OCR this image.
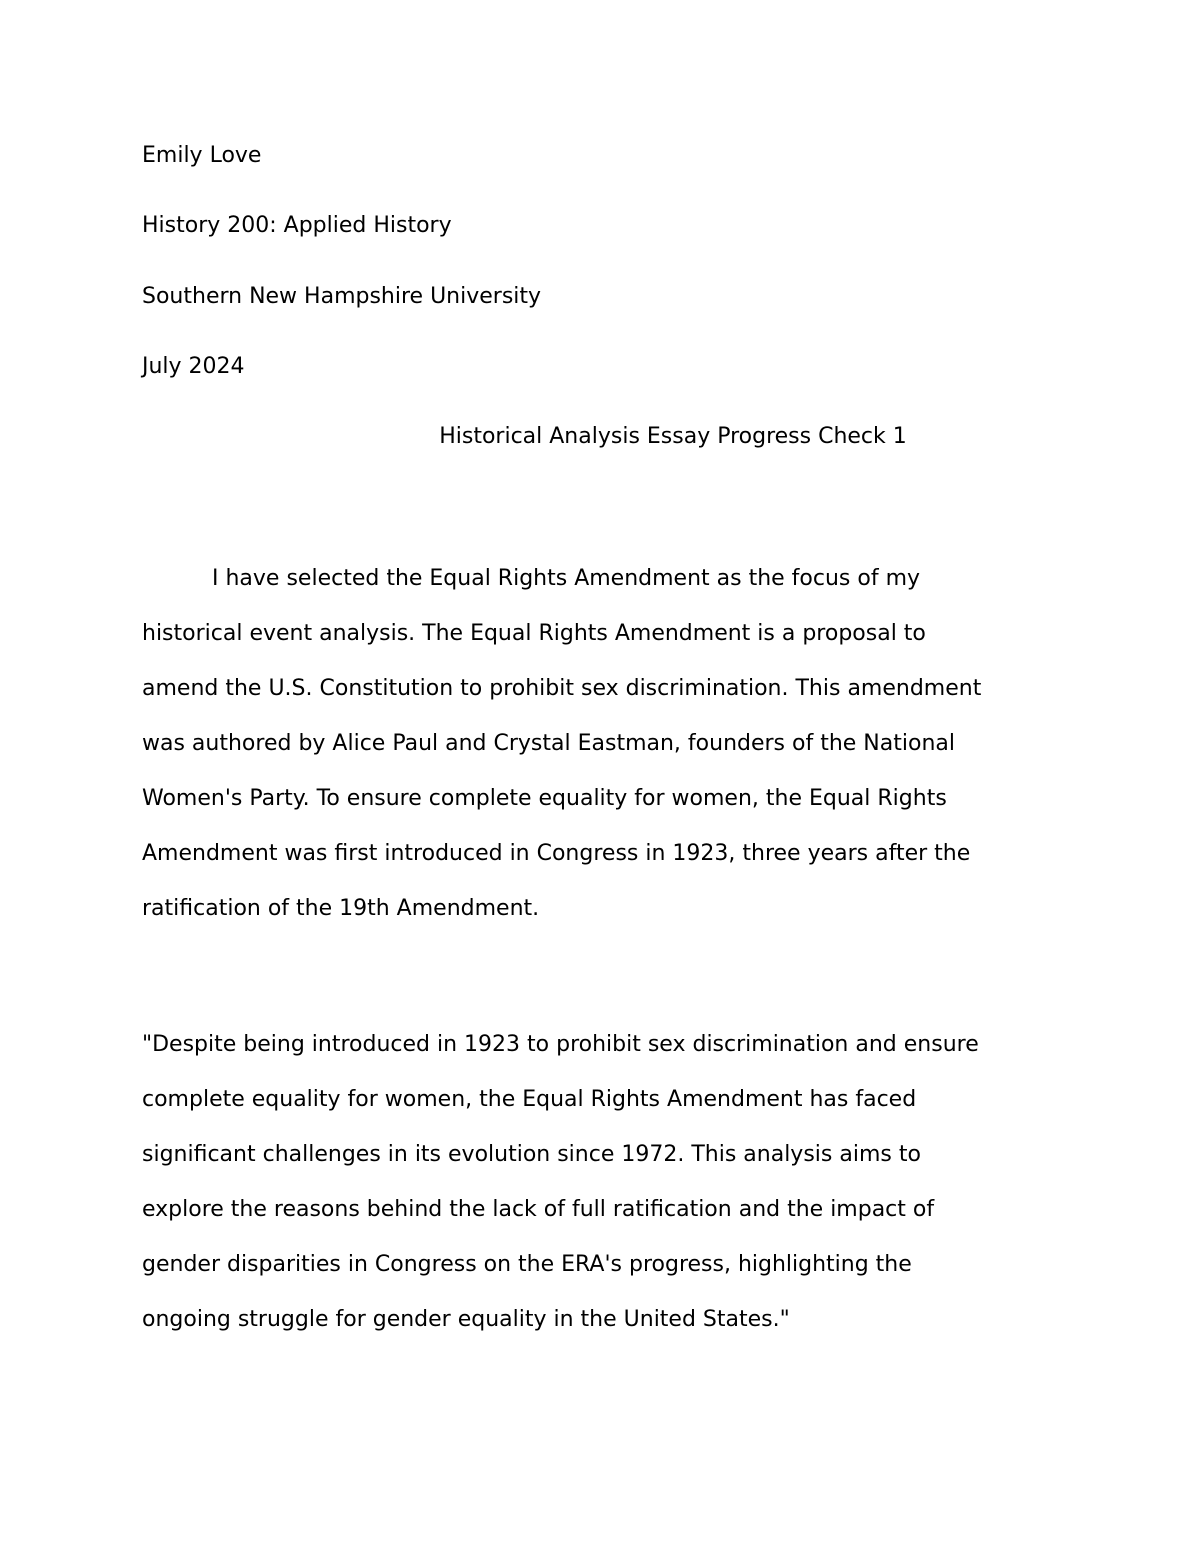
Emily Love
History 200: Applied History
Southern New Hampshire University
July 2024
Historical Analysis Essay Progress Check 1
I have selected the Equal Rights Amendment as the focus of my
historical event analysis. The Equal Rights Amendment is a proposal to
amend the U.S. Constitution to prohibit sex discrimination. This amendment
was authored by Alice Paul and Crystal Eastman, founders of the National
Women's Party. To ensure complete equality for women, the Equal Rights
Amendment was first introduced in Congress in 1923, three years after the
ratification of the 19th Amendment.
"Despite being introduced in 1923 to prohibit sex discrimination and ensure
complete equality for women, the Equal Rights Amendment has faced
significant challenges in its evolution since 1972. This analysis aims to
explore the reasons behind the lack of full ratification and the impact of
gender disparities in Congress on the ERA's progress, highlighting the
ongoing struggle for gender equality in the United States."
